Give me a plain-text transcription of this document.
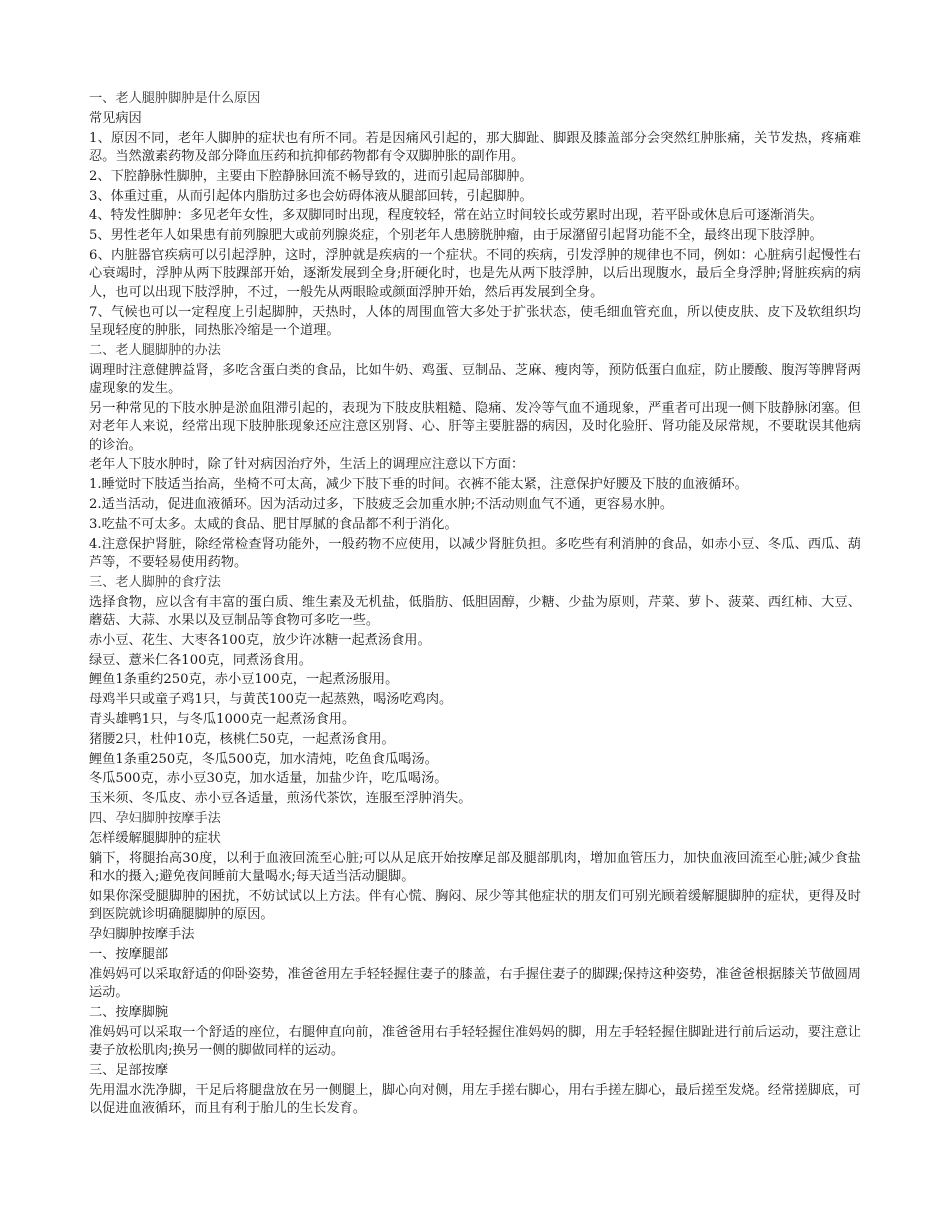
一、老人腿肿脚肿是什么原因

常见病因

1、原因不同，老年人脚肿的症状也有所不同。若是因痛风引起的，那大脚趾、脚跟及膝盖部分会突然红肿胀痛，关节发热，疼痛难忍。当然激素药物及部分降血压药和抗抑郁药物都有令双脚肿胀的副作用。

2、下腔静脉性脚肿，主要由下腔静脉回流不畅导致的，进而引起局部脚肿。

3、体重过重，从而引起体内脂肪过多也会妨碍体液从腿部回转，引起脚肿。

4、特发性脚肿：多见老年女性，多双脚同时出现，程度较轻，常在站立时间较长或劳累时出现，若平卧或休息后可逐渐消失。

5、男性老年人如果患有前列腺肥大或前列腺炎症，个别老年人患膀胱肿瘤，由于尿潴留引起肾功能不全，最终出现下肢浮肿。

6、内脏器官疾病可以引起浮肿，这时，浮肿就是疾病的一个症状。不同的疾病，引发浮肿的规律也不同，例如：心脏病引起慢性右心衰竭时，浮肿从两下肢踝部开始，逐渐发展到全身;肝硬化时，也是先从两下肢浮肿，以后出现腹水，最后全身浮肿;肾脏疾病的病人，也可以出现下肢浮肿，不过，一般先从两眼睑或颜面浮肿开始，然后再发展到全身。

7、气候也可以一定程度上引起脚肿，天热时，人体的周围血管大多处于扩张状态，使毛细血管充血，所以使皮肤、皮下及软组织均呈现轻度的肿胀，同热胀冷缩是一个道理。

二、老人腿脚肿的办法

调理时注意健脾益肾，多吃含蛋白类的食品，比如牛奶、鸡蛋、豆制品、芝麻、瘦肉等，预防低蛋白血症，防止腰酸、腹泻等脾肾两虚现象的发生。

另一种常见的下肢水肿是淤血阻滞引起的，表现为下肢皮肤粗糙、隐痛、发冷等气血不通现象，严重者可出现一侧下肢静脉闭塞。但对老年人来说，经常出现下肢肿胀现象还应注意区别肾、心、肝等主要脏器的病因，及时化验肝、肾功能及尿常规，不要耽误其他病的诊治。

老年人下肢水肿时，除了针对病因治疗外，生活上的调理应注意以下方面：

1.睡觉时下肢适当抬高，坐椅不可太高，减少下肢下垂的时间。衣裤不能太紧，注意保护好腰及下肢的血液循环。

2.适当活动，促进血液循环。因为活动过多，下肢疲乏会加重水肿;不活动则血气不通，更容易水肿。

3.吃盐不可太多。太咸的食品、肥甘厚腻的食品都不利于消化。

4.注意保护肾脏，除经常检查肾功能外，一般药物不应使用，以减少肾脏负担。多吃些有利消肿的食品，如赤小豆、冬瓜、西瓜、葫芦等，不要轻易使用药物。

三、老人脚肿的食疗法

选择食物，应以含有丰富的蛋白质、维生素及无机盐，低脂肪、低胆固醇，少糖、少盐为原则，芹菜、萝卜、菠菜、西红柿、大豆、蘑菇、大蒜、水果以及豆制品等食物可多吃一些。

赤小豆、花生、大枣各100克，放少许冰糖一起煮汤食用。

绿豆、薏米仁各100克，同煮汤食用。

鲤鱼1条重约250克，赤小豆100克，一起煮汤服用。

母鸡半只或童子鸡1只，与黄芪100克一起蒸熟，喝汤吃鸡肉。

青头雄鸭1只，与冬瓜1000克一起煮汤食用。

猪腰2只，杜仲10克，核桃仁50克，一起煮汤食用。

鲤鱼1条重250克，冬瓜500克，加水清炖，吃鱼食瓜喝汤。

冬瓜500克，赤小豆30克，加水适量，加盐少许，吃瓜喝汤。

玉米须、冬瓜皮、赤小豆各适量，煎汤代茶饮，连服至浮肿消失。

四、孕妇脚肿按摩手法

怎样缓解腿脚肿的症状

躺下，将腿抬高30度，以利于血液回流至心脏;可以从足底开始按摩足部及腿部肌肉，增加血管压力，加快血液回流至心脏;减少食盐和水的摄入;避免夜间睡前大量喝水;每天适当活动腿脚。

如果你深受腿脚肿的困扰，不妨试试以上方法。伴有心慌、胸闷、尿少等其他症状的朋友们可别光顾着缓解腿脚肿的症状，更得及时到医院就诊明确腿脚肿的原因。

孕妇脚肿按摩手法

一、按摩腿部

准妈妈可以采取舒适的仰卧姿势，准爸爸用左手轻轻握住妻子的膝盖，右手握住妻子的脚踝;保持这种姿势，准爸爸根据膝关节做圆周运动。

二、按摩脚腕

准妈妈可以采取一个舒适的座位，右腿伸直向前，准爸爸用右手轻轻握住准妈妈的脚，用左手轻轻握住脚趾进行前后运动，要注意让妻子放松肌肉;换另一侧的脚做同样的运动。

三、足部按摩

先用温水洗净脚，干足后将腿盘放在另一侧腿上，脚心向对侧，用左手搓右脚心，用右手搓左脚心，最后搓至发烧。经常搓脚底，可以促进血液循环，而且有利于胎儿的生长发育。
